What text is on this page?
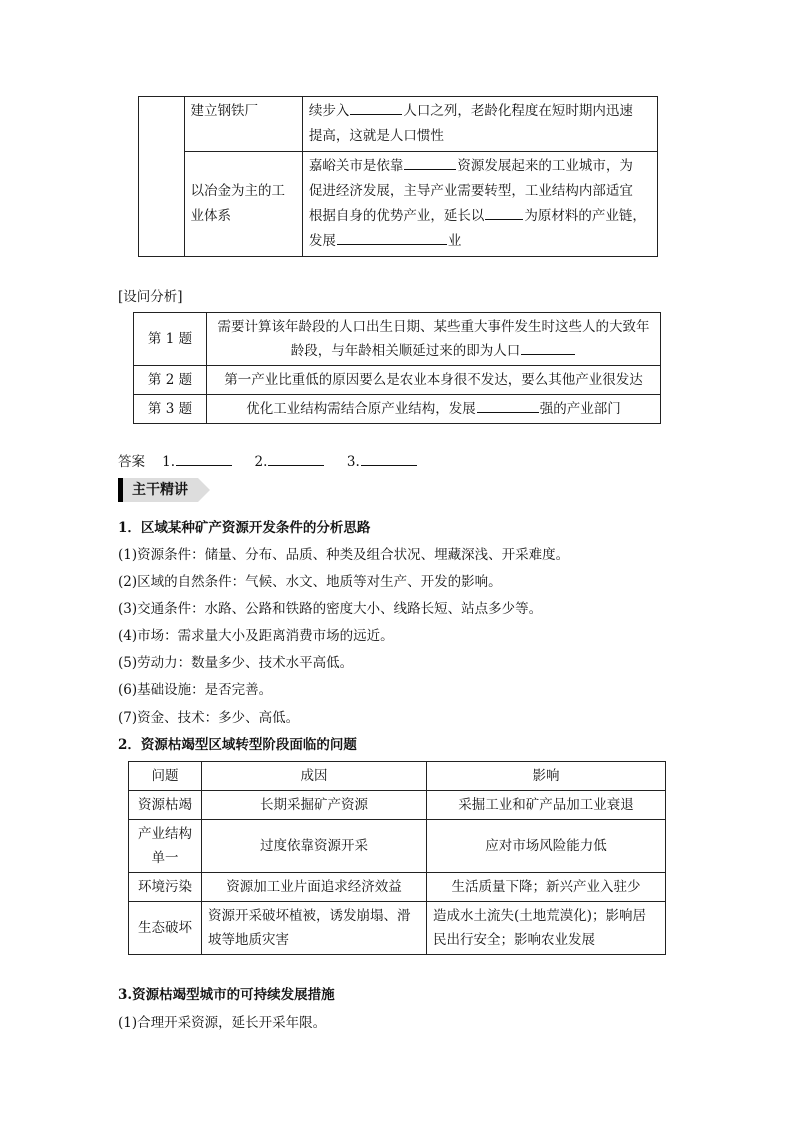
	建立钢铁厂	续步入 人口之列，老龄化程度在短时期内迅速
提高，这就是人口惯性
	以冶金为主的工业体系	嘉峪关市是依靠 资源发展起来的工业城市，为
促进经济发展，主导产业需要转型，工业结构内部适宜
根据自身的优势产业，延长以 为原材料的产业链，
发展 业
[设问分析]
第 1 题	需要计算该年龄段的人口出生日期、某些重大事件发生时这些人的大致年
龄段，与年龄相关顺延过来的即为人口
第 2 题	第一产业比重低的原因要么是农业本身很不发达，要么其他产业很发达
第 3 题	优化工业结构需结合原产业结构，发展 强的产业部门
答案 1.	2.	3.
主干精讲
1．区域某种矿产资源开发条件的分析思路
(1)资源条件：储量、分布、品质、种类及组合状况、埋藏深浅、开采难度。
(2)区域的自然条件：气候、水文、地质等对生产、开发的影响。
(3)交通条件：水路、公路和铁路的密度大小、线路长短、站点多少等。
(4)市场：需求量大小及距离消费市场的远近。
(5)劳动力：数量多少、技术水平高低。
(6)基础设施：是否完善。
(7)资金、技术：多少、高低。
2．资源枯竭型区域转型阶段面临的问题
问题	成因	影响
资源枯竭	长期采掘矿产资源	采掘工业和矿产品加工业衰退
产业结构单一	过度依靠资源开采	应对市场风险能力低
环境污染	资源加工业片面追求经济效益	生活质量下降；新兴产业入驻少
生态破坏	资源开采破坏植被，诱发崩塌、滑坡等地质灾害	造成水土流失(土地荒漠化)；影响居民出行安全；影响农业发展
3.资源枯竭型城市的可持续发展措施
(1)合理开采资源，延长开采年限。
